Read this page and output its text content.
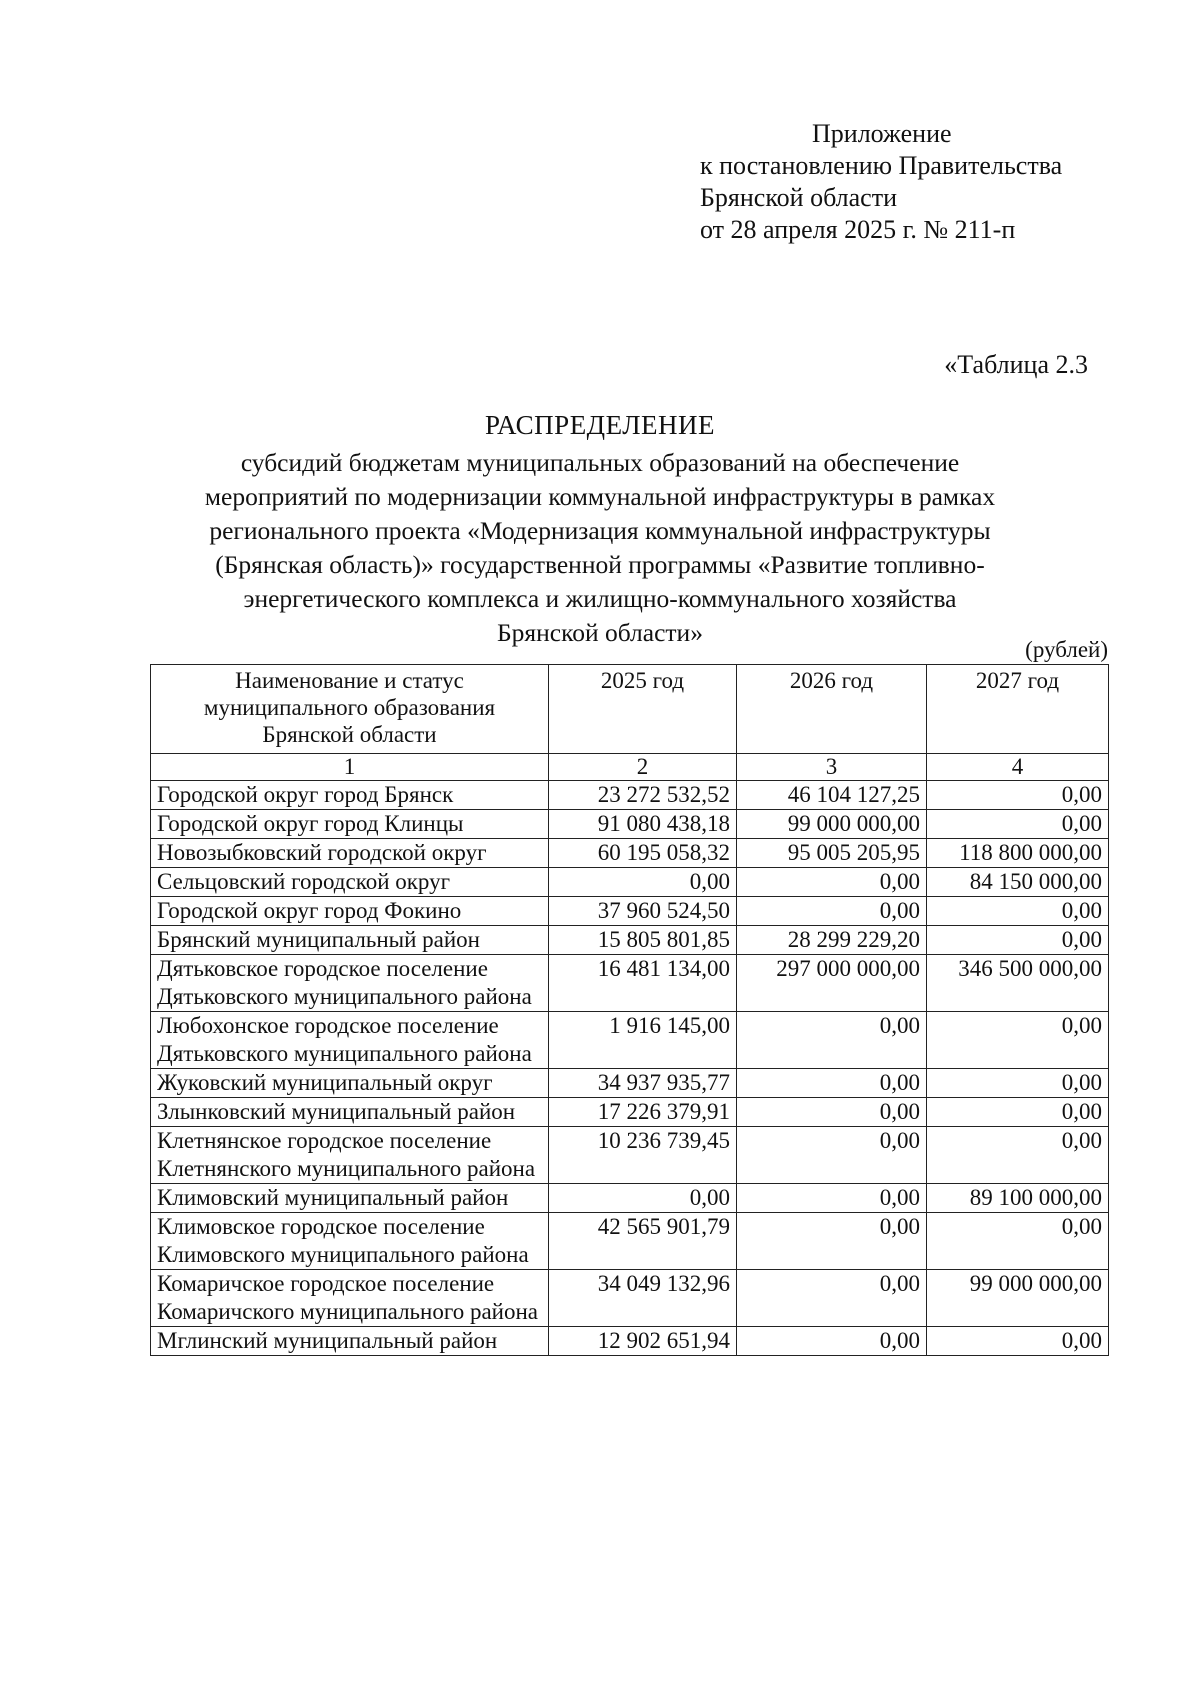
Приложение
к постановлению Правительства
Брянской области
от 28 апреля 2025 г. № 211-п
«Таблица 2.3
РАСПРЕДЕЛЕНИЕ
субсидий бюджетам муниципальных образований на обеспечение
мероприятий по модернизации коммунальной инфраструктуры в рамках
регионального проекта «Модернизация коммунальной инфраструктуры
(Брянская область)» государственной программы «Развитие топливно-
энергетического комплекса и жилищно-коммунального хозяйства
Брянской области»
(рублей)
Наименование и статус муниципального образования Брянской области	2025 год	2026 год	2027 год
1	2	3	4
Городской округ город Брянск	23 272 532,52	46 104 127,25	0,00
Городской округ город Клинцы	91 080 438,18	99 000 000,00	0,00
Новозыбковский городской округ	60 195 058,32	95 005 205,95	118 800 000,00
Сельцовский городской округ	0,00	0,00	84 150 000,00
Городской округ город Фокино	37 960 524,50	0,00	0,00
Брянский муниципальный район	15 805 801,85	28 299 229,20	0,00
Дятьковское городское поселение Дятьковского муниципального района	16 481 134,00	297 000 000,00	346 500 000,00
Любохонское городское поселение Дятьковского муниципального района	1 916 145,00	0,00	0,00
Жуковский муниципальный округ	34 937 935,77	0,00	0,00
Злынковский муниципальный район	17 226 379,91	0,00	0,00
Клетнянское городское поселение Клетнянского муниципального района	10 236 739,45	0,00	0,00
Климовский муниципальный район	0,00	0,00	89 100 000,00
Климовское городское поселение Климовского муниципального района	42 565 901,79	0,00	0,00
Комаричское городское поселение Комаричского муниципального района	34 049 132,96	0,00	99 000 000,00
Мглинский муниципальный район	12 902 651,94	0,00	0,00
